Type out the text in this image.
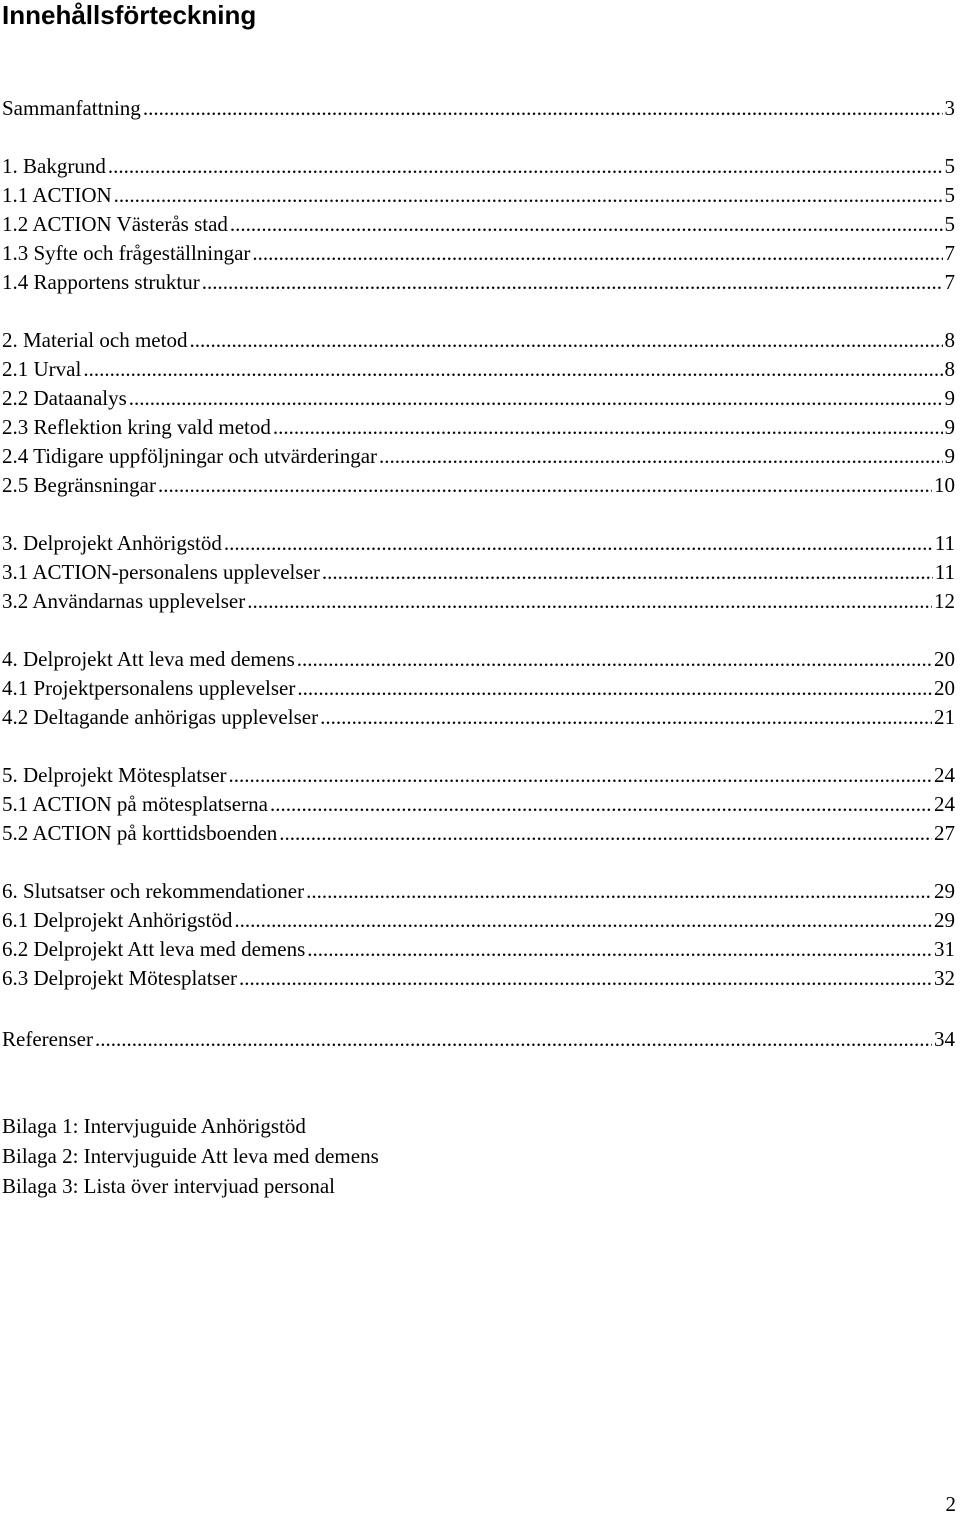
Innehållsförteckning
Sammanfattning .....	3
1. Bakgrund .....	5
1.1 ACTION .....	5
1.2 ACTION Västerås stad .....	5
1.3 Syfte och frågeställningar .....	7
1.4 Rapportens struktur .....	7
2. Material och metod .....	8
2.1 Urval .....	8
2.2 Dataanalys .....	9
2.3 Reflektion kring vald metod .....	9
2.4 Tidigare uppföljningar och utvärderingar .....	9
2.5 Begränsningar .....	10
3. Delprojekt Anhörigstöd .....	11
3.1 ACTION-personalens upplevelser .....	11
3.2 Användarnas upplevelser .....	12
4. Delprojekt Att leva med demens .....	20
4.1 Projektpersonalens upplevelser .....	20
4.2 Deltagande anhörigas upplevelser .....	21
5. Delprojekt Mötesplatser .....	24
5.1 ACTION på mötesplatserna .....	24
5.2 ACTION på korttidsboenden .....	27
6. Slutsatser och rekommendationer .....	29
6.1 Delprojekt Anhörigstöd .....	29
6.2 Delprojekt Att leva med demens .....	31
6.3 Delprojekt Mötesplatser .....	32
Referenser .....	34
Bilaga 1: Intervjuguide Anhörigstöd
Bilaga 2: Intervjuguide Att leva med demens
Bilaga 3: Lista över intervjuad personal
2
